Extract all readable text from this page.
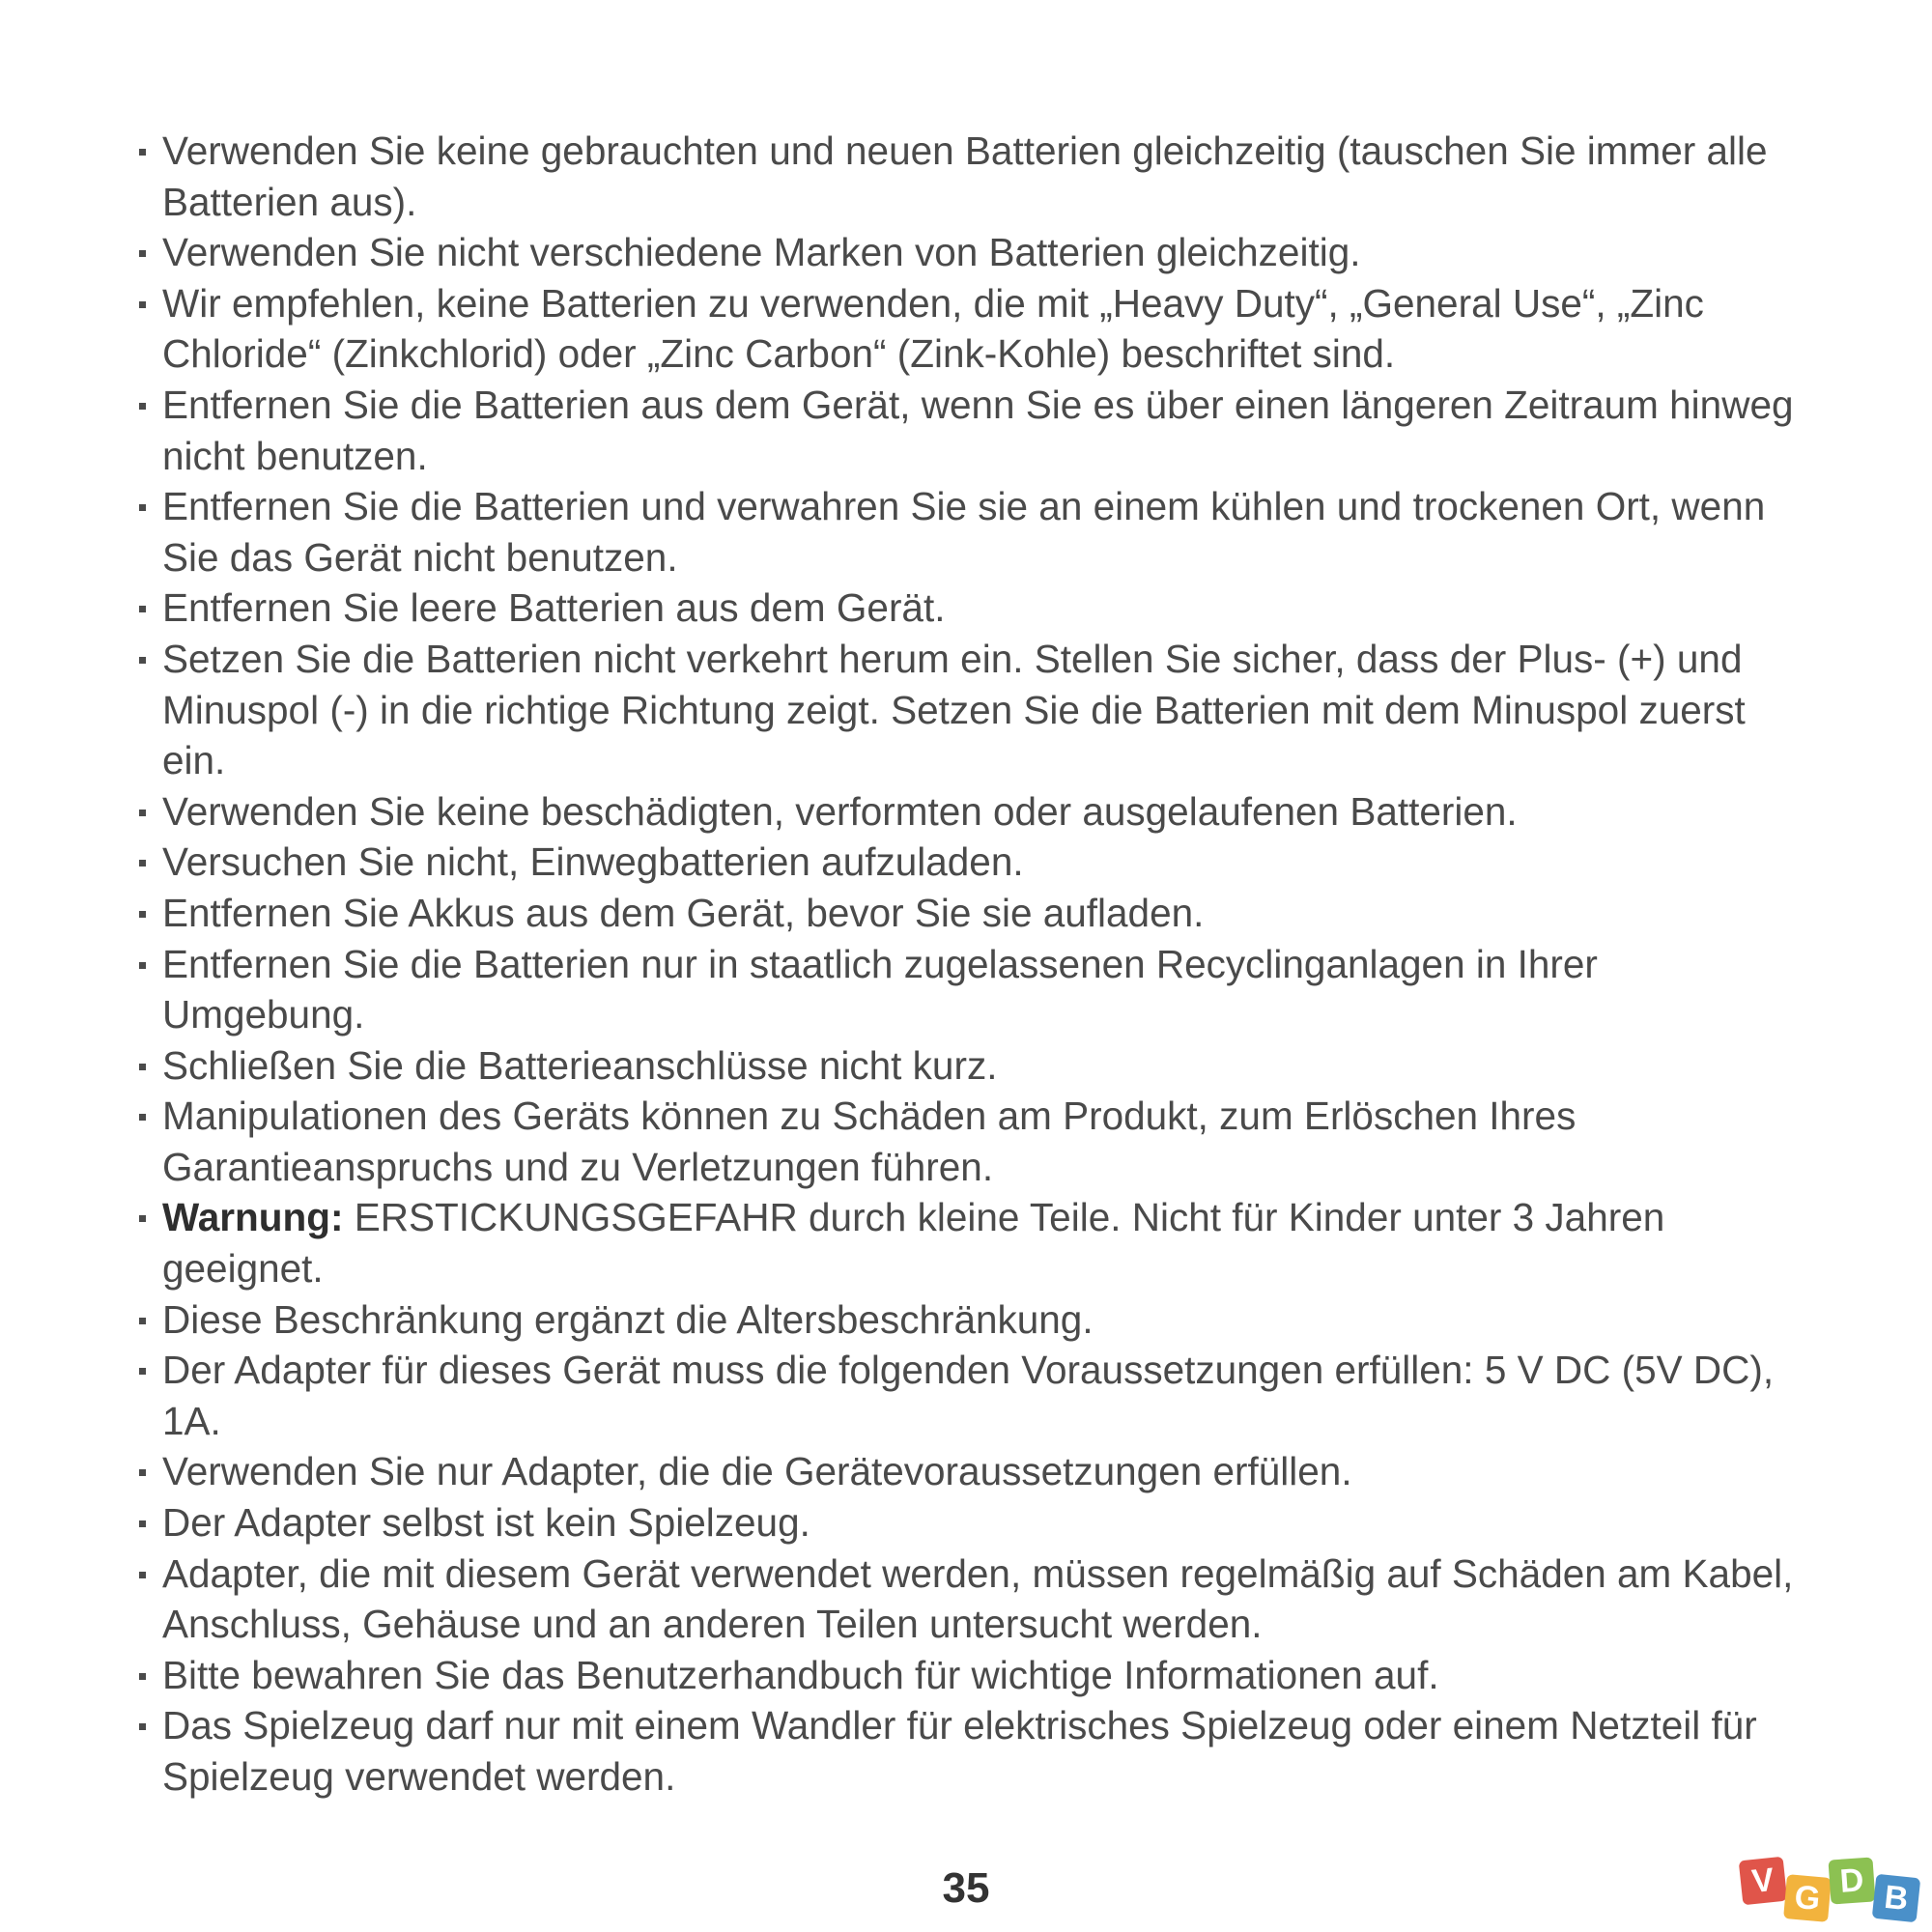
Verwenden Sie keine gebrauchten und neuen Batterien gleichzeitig (tauschen Sie immer alle Batterien aus).
Verwenden Sie nicht verschiedene Marken von Batterien gleichzeitig.
Wir empfehlen, keine Batterien zu verwenden, die mit „Heavy Duty“, „General Use“, „Zinc Chloride“ (Zinkchlorid) oder „Zinc Carbon“ (Zink-Kohle) beschriftet sind.
Entfernen Sie die Batterien aus dem Gerät, wenn Sie es über einen längeren Zeitraum hinweg nicht benutzen.
Entfernen Sie die Batterien und verwahren Sie sie an einem kühlen und trockenen Ort, wenn Sie das Gerät nicht benutzen.
Entfernen Sie leere Batterien aus dem Gerät.
Setzen Sie die Batterien nicht verkehrt herum ein. Stellen Sie sicher, dass der Plus- (+) und Minuspol (-) in die richtige Richtung zeigt. Setzen Sie die Batterien mit dem Minuspol zuerst ein.
Verwenden Sie keine beschädigten, verformten oder ausgelaufenen Batterien.
Versuchen Sie nicht, Einwegbatterien aufzuladen.
Entfernen Sie Akkus aus dem Gerät, bevor Sie sie aufladen.
Entfernen Sie die Batterien nur in staatlich zugelassenen Recyclinganlagen in Ihrer Umgebung.
Schließen Sie die Batterieanschlüsse nicht kurz.
Manipulationen des Geräts können zu Schäden am Produkt, zum Erlöschen Ihres Garantieanspruchs und zu Verletzungen führen.
Warnung: ERSTICKUNGSGEFAHR durch kleine Teile. Nicht für Kinder unter 3 Jahren geeignet.
Diese Beschränkung ergänzt die Altersbeschränkung.
Der Adapter für dieses Gerät muss die folgenden Voraussetzungen erfüllen: 5 V DC (5V DC), 1A.
Verwenden Sie nur Adapter, die die Gerätevoraussetzungen erfüllen.
Der Adapter selbst ist kein Spielzeug.
Adapter, die mit diesem Gerät verwendet werden, müssen regelmäßig auf Schäden am Kabel, Anschluss, Gehäuse und an anderen Teilen untersucht werden.
Bitte bewahren Sie das Benutzerhandbuch für wichtige Informationen auf.
Das Spielzeug darf nur mit einem Wandler für elektrisches Spielzeug oder einem Netzteil für Spielzeug verwendet werden.
35	V G D B
